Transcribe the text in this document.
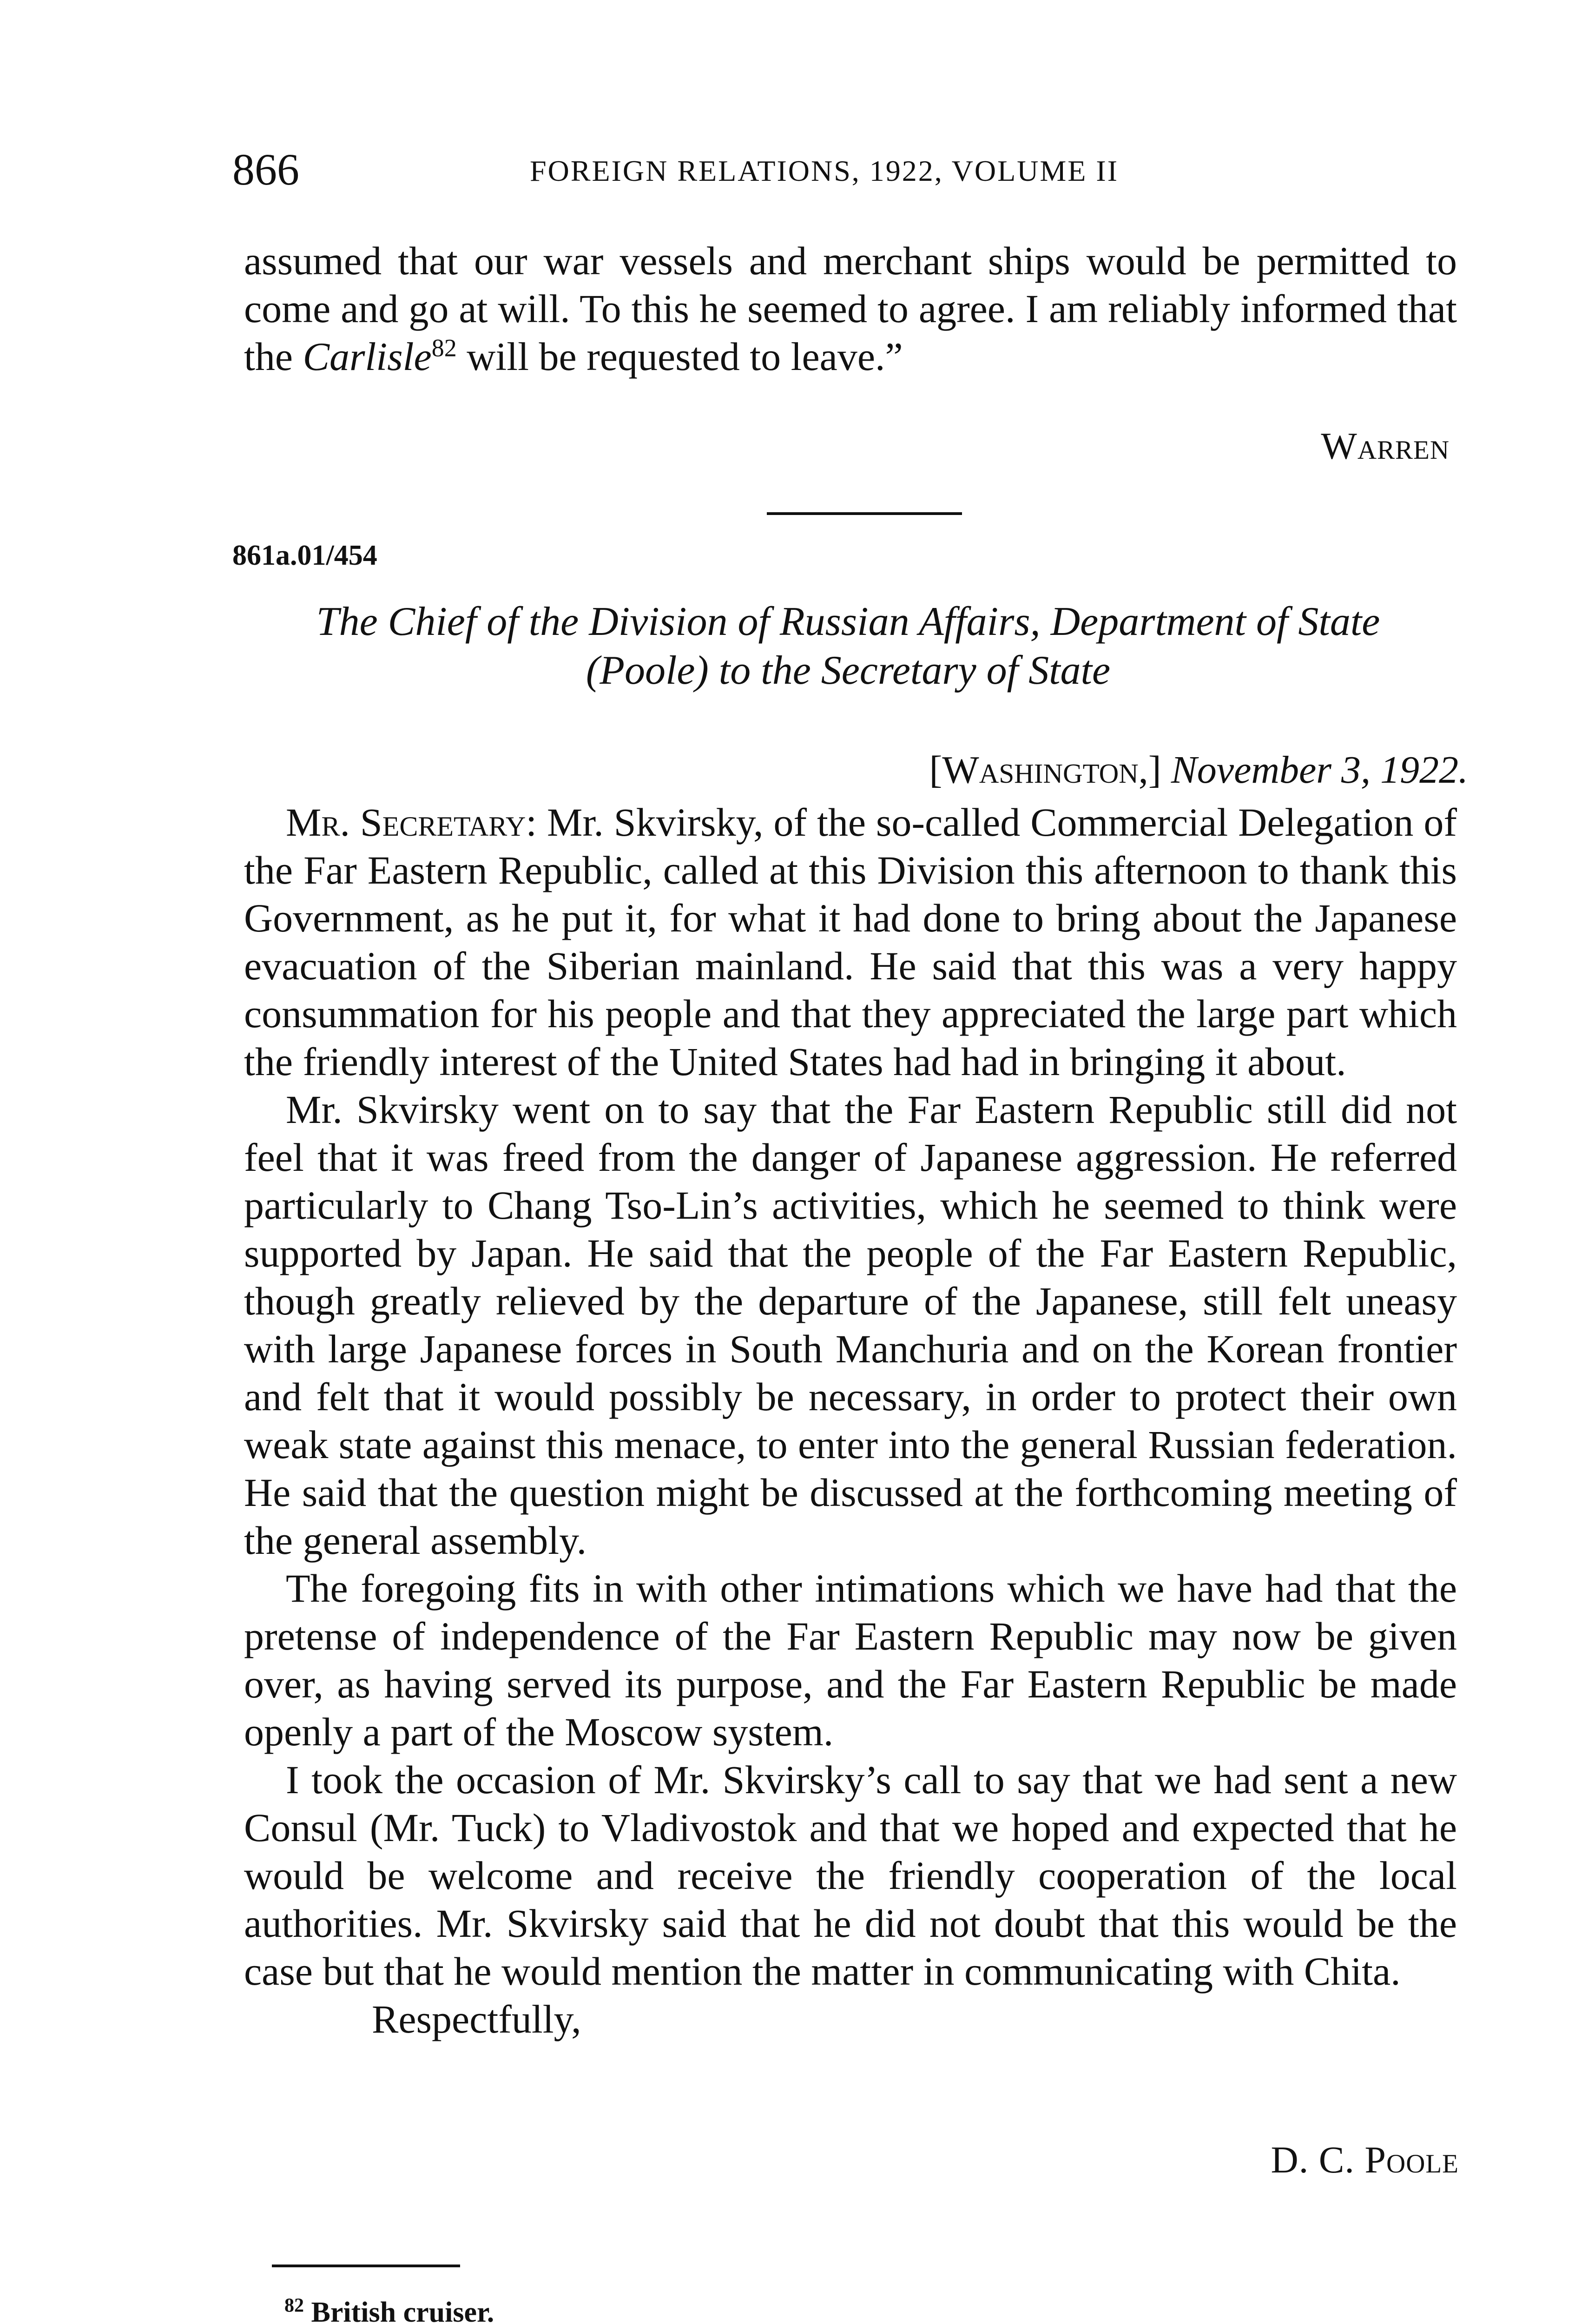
866	FOREIGN RELATIONS, 1922, VOLUME II

assumed that our war vessels and merchant ships would be permitted to come and go at will. To this he seemed to agree. I am reliably informed that the Carlisle$^{82}$ will be requested to leave.”

Warren
861a.01/454
The Chief of the Division of Russian Affairs, Department of State
(Poole) to the Secretary of State
[Washington,] November 3, 1922.

Mr. Secretary: Mr. Skvirsky, of the so-called Commercial Delegation of the Far Eastern Republic, called at this Division this afternoon to thank this Government, as he put it, for what it had done to bring about the Japanese evacuation of the Siberian mainland. He said that this was a very happy consummation for his people and that they appreciated the large part which the friendly interest of the United States had had in bringing it about.

Mr. Skvirsky went on to say that the Far Eastern Republic still did not feel that it was freed from the danger of Japanese aggression. He referred particularly to Chang Tso-Lin’s activities, which he seemed to think were supported by Japan. He said that the people of the Far Eastern Republic, though greatly relieved by the departure of the Japanese, still felt uneasy with large Japanese forces in South Manchuria and on the Korean frontier and felt that it would possibly be necessary, in order to protect their own weak state against this menace, to enter into the general Russian federation. He said that the question might be discussed at the forthcoming meeting of the general assembly.

The foregoing fits in with other intimations which we have had that the pretense of independence of the Far Eastern Republic may now be given over, as having served its purpose, and the Far Eastern Republic be made openly a part of the Moscow system.

I took the occasion of Mr. Skvirsky’s call to say that we had sent a new Consul (Mr. Tuck) to Vladivostok and that we hoped and expected that he would be welcome and receive the friendly cooperation of the local authorities. Mr. Skvirsky said that he did not doubt that this would be the case but that he would mention the matter in communicating with Chita.

Respectfully,

D. C. Poole
$^{82}$ British cruiser.
